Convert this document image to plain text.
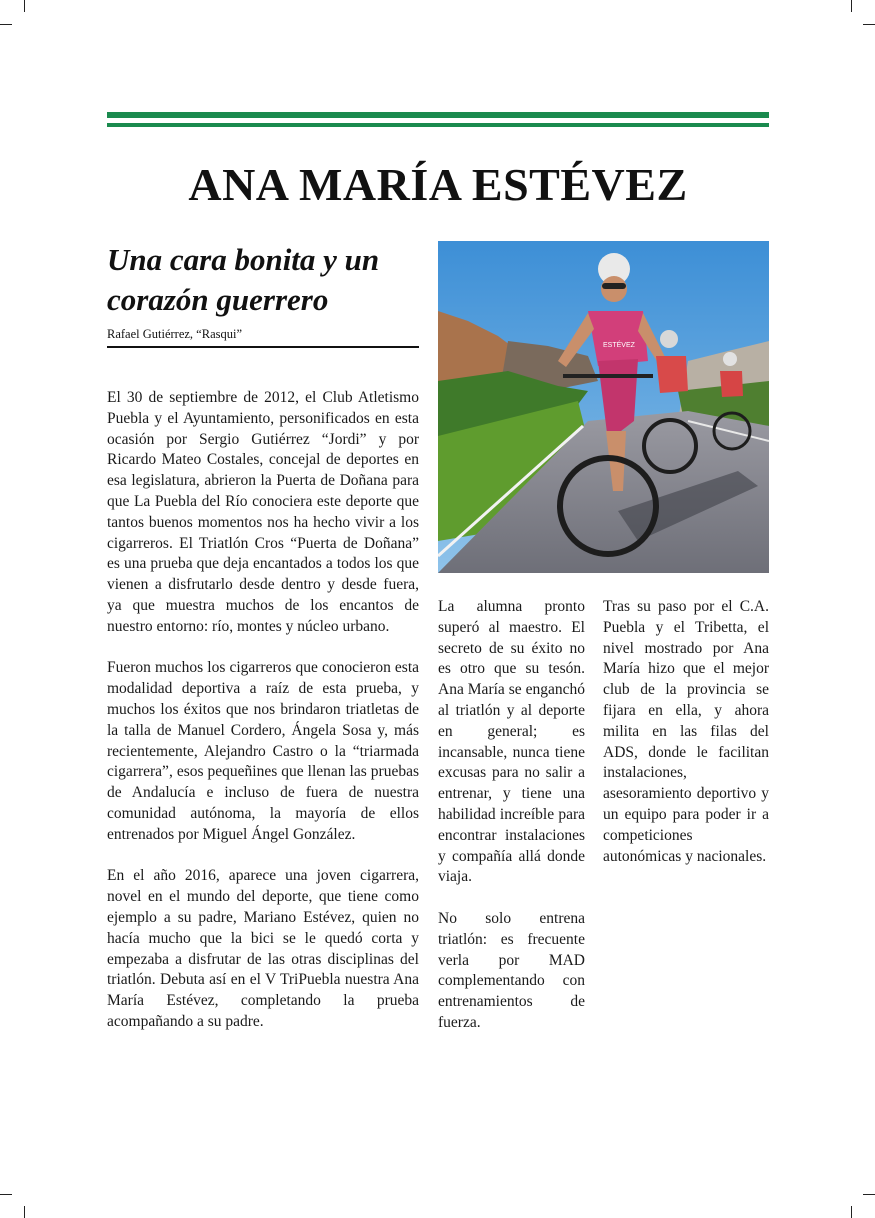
ANA MARÍA ESTÉVEZ
Una cara bonita y un corazón guerrero
Rafael Gutiérrez, “Rasqui”

El 30 de septiembre de 2012, el Club Atletismo Puebla y el Ayuntamiento, personificados en esta ocasión por Sergio Gutiérrez “Jordi” y por Ricardo Mateo Costales, concejal de deportes en esa legislatura, abrieron la Puerta de Doñana para que La Puebla del Río conociera este deporte que tantos buenos momentos nos ha hecho vivir a los cigarreros. El Triatlón Cros “Puerta de Doñana” es una prueba que deja encantados a todos los que vienen a disfrutarlo desde dentro y desde fuera, ya que muestra muchos de los encantos de nuestro entorno: río, montes y núcleo urbano.

Fueron muchos los cigarreros que conocieron esta modalidad deportiva a raíz de esta prueba, y muchos los éxitos que nos brindaron triatletas de la talla de Manuel Cordero, Ángela Sosa y, más recientemente, Alejandro Castro o la “triarmada cigarrera”, esos pequeñines que llenan las pruebas de Andalucía e incluso de fuera de nuestra comunidad autónoma, la mayoría de ellos entrenados por Miguel Ángel González.

En el año 2016, aparece una joven cigarrera, novel en el mundo del deporte, que tiene como ejemplo a su padre, Mariano Estévez, quien no hacía mucho que la bici se le quedó corta y empezaba a disfrutar de las otras disciplinas del triatlón. Debuta así en el V TriPuebla nuestra Ana María Estévez, completando la prueba acompañando a su padre.

ESTÉVEZ

La alumna pronto superó al maestro. El secreto de su éxito no es otro que su tesón. Ana María se enganchó al triatlón y al deporte en general; es incansable, nunca tiene excusas para no salir a entrenar, y tiene una habilidad increíble para encontrar instalaciones y compañía allá donde viaja.

No solo entrena triatlón: es frecuente verla por MAD complementando con entrenamientos de fuerza.

Tras su paso por el C.A. Puebla y el Tribetta, el nivel mostrado por Ana María hizo que el mejor club de la provincia se fijara en ella, y ahora milita en las filas del ADS, donde le facilitan instalaciones, asesoramiento deportivo y un equipo para poder ir a competiciones autonómicas y nacionales.
